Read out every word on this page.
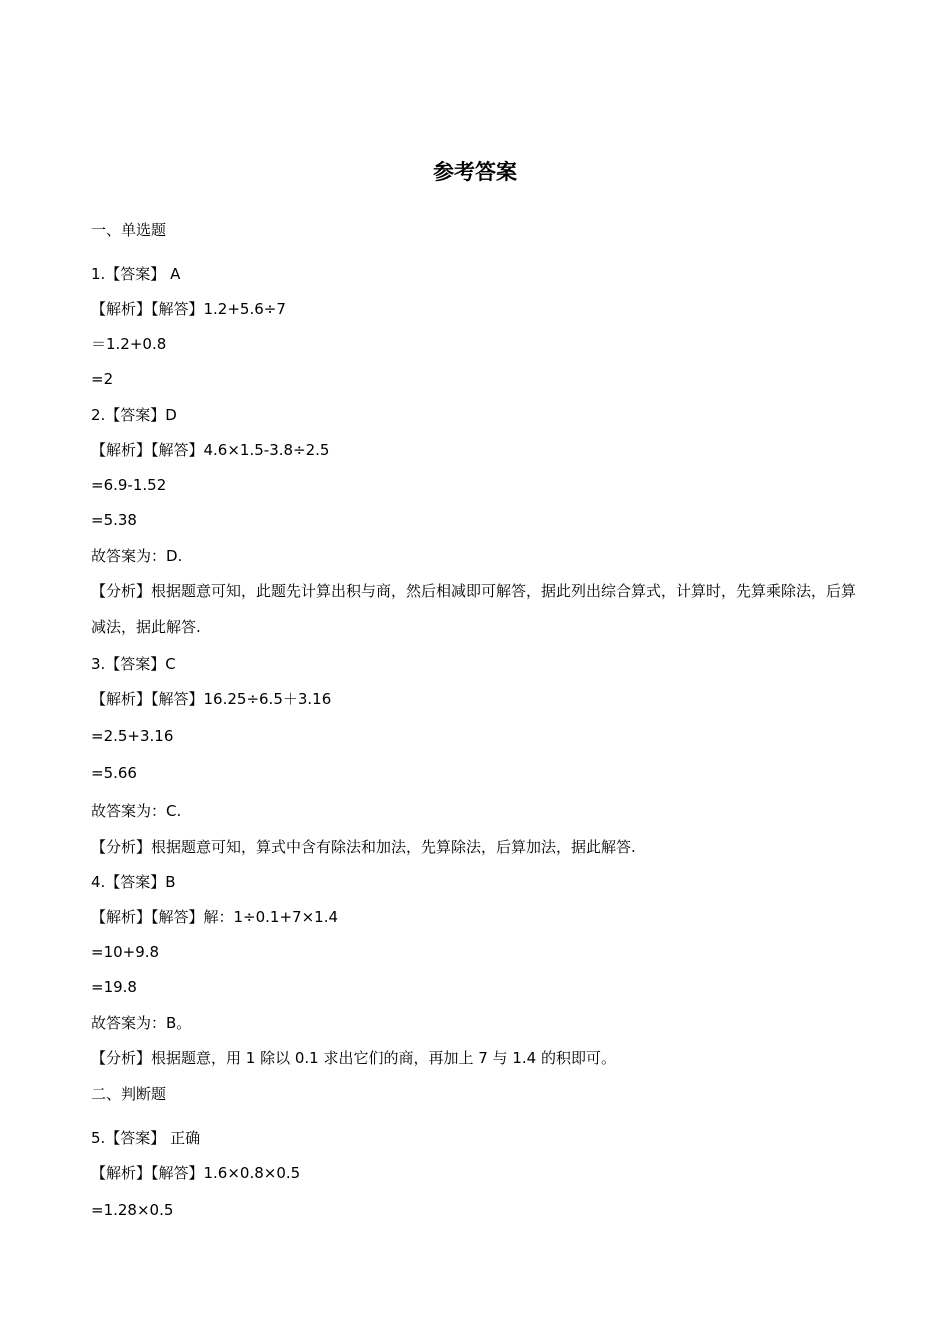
参考答案
一、单选题
1.【答案】 A
【解析】【解答】1.2+5.6÷7
＝1.2+0.8
=2
2.【答案】D
【解析】【解答】4.6×1.5-3.8÷2.5
=6.9-1.52
=5.38
故答案为：D.
【分析】根据题意可知，此题先计算出积与商，然后相减即可解答，据此列出综合算式，计算时，先算乘除法，后算减法，据此解答.
3.【答案】C
【解析】【解答】16.25÷6.5＋3.16
=2.5+3.16
=5.66
故答案为：C.
【分析】根据题意可知，算式中含有除法和加法，先算除法，后算加法，据此解答.
4.【答案】B
【解析】【解答】解：1÷0.1+7×1.4
=10+9.8
=19.8
故答案为：B。
【分析】根据题意，用 1 除以 0.1 求出它们的商，再加上 7 与 1.4 的积即可。
二、判断题
5.【答案】 正确
【解析】【解答】1.6×0.8×0.5
=1.28×0.5
